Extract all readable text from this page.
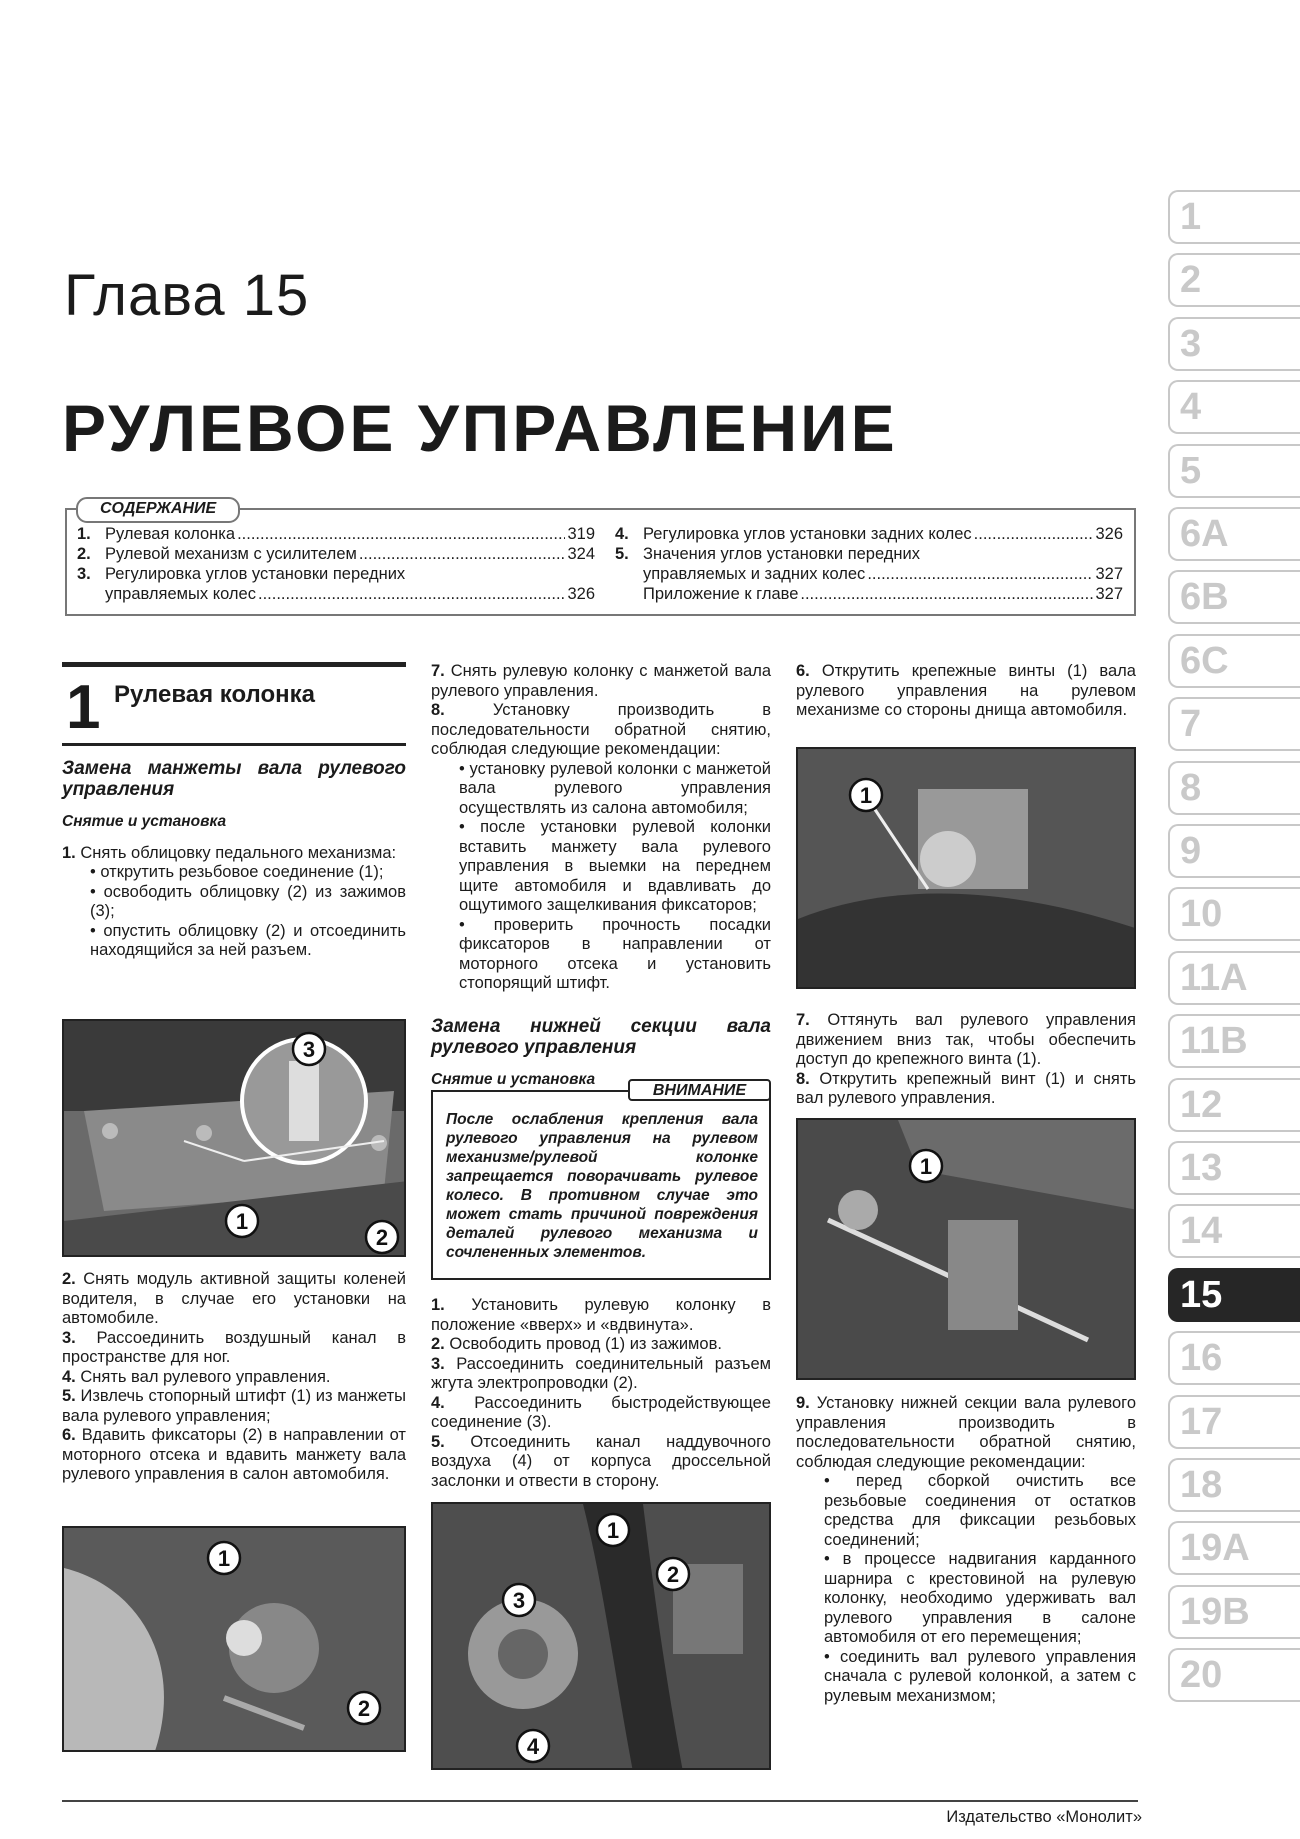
Глава 15
РУЛЕВОЕ УПРАВЛЕНИЕ
1. Рулевая колонка .....	319
2. Рулевой механизм с усилителем .....	324
3. Регулировка углов установки передних
управляемых колес .....	326
4. Регулировка углов установки задних колес .....	326
5. Значения углов установки передних
управляемых и задних колес .....	327
Приложение к главе .....	327
СОДЕРЖАНИЕ
1 Рулевая колонка

Замена манжеты вала рулевого управления

Снятие и установка

1. Снять облицовку педального механизма:

• открутить резьбовое соединение (1);

• освободить облицовку (2) из зажимов (3);

• опустить облицовку (2) и отсоединить находящийся за ней разъем.

3
1
2

2. Снять модуль активной защиты коленей водителя, в случае его установки на автомобиле.

3. Рассоединить воздушный канал в пространстве для ног.

4. Снять вал рулевого управления.

5. Извлечь стопорный штифт (1) из манжеты вала рулевого управления;

6. Вдавить фиксаторы (2) в направлении от моторного отсека и вдавить манжету вала рулевого управления в салон автомобиля.

1
2

7. Снять рулевую колонку с манжетой вала рулевого управления.

8.	Установку производить в последовательности обратной снятию, соблюдая следующие рекомендации:

• установку рулевой колонки с манжетой вала рулевого управления осуществлять из салона автомобиля;

• после установки рулевой колонки вставить манжету вала рулевого управления в выемки на переднем щите автомобиля и вдавливать до ощутимого защелкивания фиксаторов;

• проверить прочность посадки фиксаторов в направлении от моторного отсека и установить стопорящий штифт.

Замена нижней секции вала рулевого управления

Снятие и установка

ВНИМАНИЕ
После ослабления крепления вала рулевого управления на рулевом механизме/рулевой колонке запрещается поворачивать рулевое колесо. В противном случае это может стать причиной повреждения деталей рулевого механизма и сочлененных элементов.

1. Установить рулевую колонку в положение «вверх» и «вдвинута».

2. Освободить провод (1) из зажимов.

3. Рассоединить соединительный разъем жгута электропроводки (2).

4. Рассоединить быстродействующее соединение (3).

5. Отсоединить канал наддувочного воздуха (4) от корпуса дроссельной заслонки и отвести в сторону.

1
2
3
4

6. Открутить крепежные винты (1) вала рулевого управления на рулевом механизме со стороны днища автомобиля.

1

7. Оттянуть вал рулевого управления движением вниз так, чтобы обеспечить доступ до крепежного винта (1).

8. Открутить крепежный винт (1) и снять вал рулевого управления.

1

9. Установку нижней секции вала рулевого управления производить в последовательности обратной снятию, соблюдая следующие рекомендации:

• перед сборкой очистить все резьбовые соединения от остатков средства для фиксации резьбовых соединений;

• в процессе надвигания карданного шарнира с крестовиной на рулевую колонку, необходимо удерживать вал рулевого управления в салоне автомобиля от его перемещения;

• соединить вал рулевого управления сначала с рулевой колонкой, а затем с рулевым механизмом;

1
2
3
4
5
6A
6B
6C
7
8
9
10
11A
11B
12
13
14
15
16
17
18
19A
19B
20
Издательство «Монолит»
